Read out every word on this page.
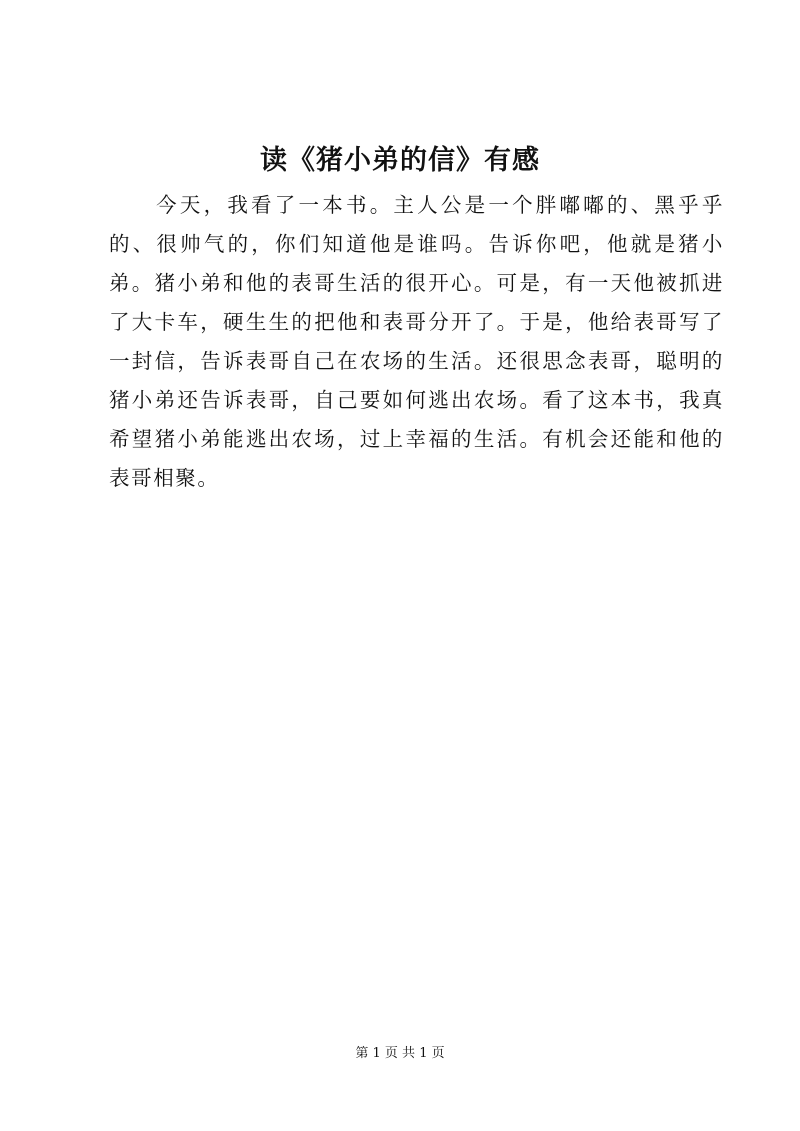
读《猪小弟的信》有感

今天，我看了一本书。主人公是一个胖嘟嘟的、黑乎乎的、很帅气的，你们知道他是谁吗。告诉你吧，他就是猪小弟。猪小弟和他的表哥生活的很开心。可是，有一天他被抓进了大卡车，硬生生的把他和表哥分开了。于是，他给表哥写了一封信，告诉表哥自己在农场的生活。还很思念表哥，聪明的猪小弟还告诉表哥，自己要如何逃出农场。看了这本书，我真希望猪小弟能逃出农场，过上幸福的生活。有机会还能和他的表哥相聚。

第 1 页 共 1 页
